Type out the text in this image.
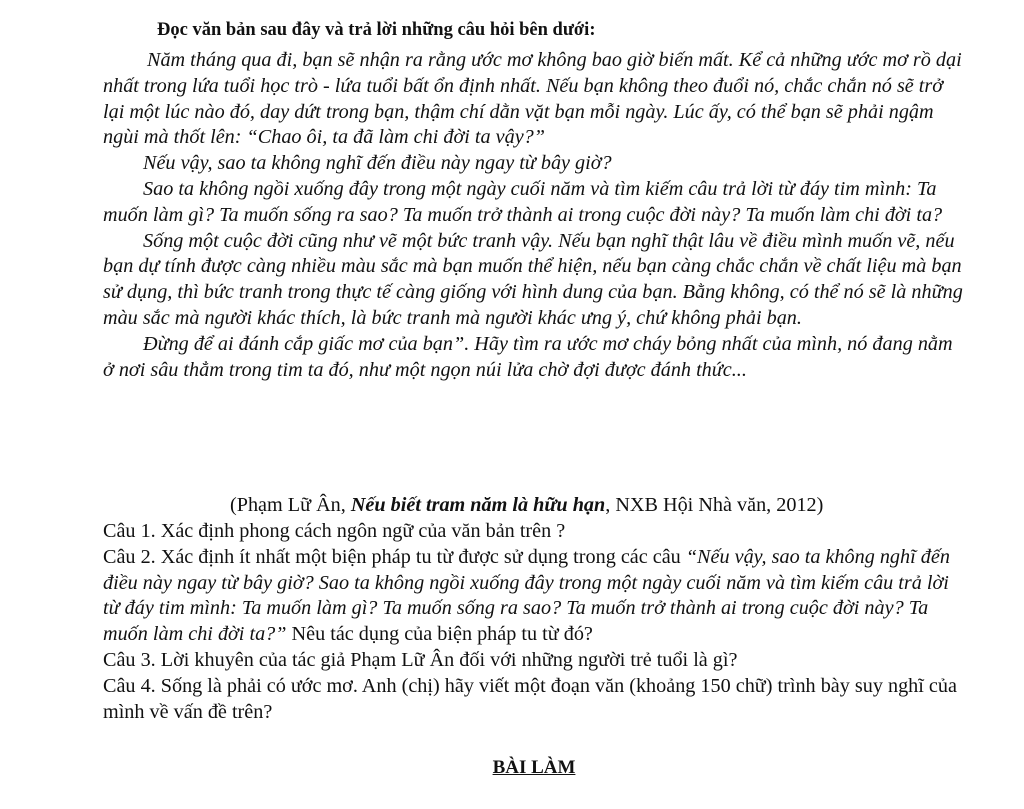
Đọc văn bản sau đây và trả lời những câu hỏi bên dưới:

Năm tháng qua đi, bạn sẽ nhận ra rằng ước mơ không bao giờ biến mất. Kể cả những ước mơ rồ dại nhất trong lứa tuổi học trò - lứa tuổi bất ổn định nhất. Nếu bạn không theo đuổi nó, chắc chắn nó sẽ trở lại một lúc nào đó, day dứt trong bạn, thậm chí dằn vặt bạn mỗi ngày. Lúc ấy, có thể bạn sẽ phải ngậm ngùi mà thốt lên: “Chao ôi, ta đã làm chi đời ta vậy?”

Nếu vậy, sao ta không nghĩ đến điều này ngay từ bây giờ?

Sao ta không ngồi xuống đây trong một ngày cuối năm và tìm kiếm câu trả lời từ đáy tim mình: Ta muốn làm gì? Ta muốn sống ra sao? Ta muốn trở thành ai trong cuộc đời này? Ta muốn làm chi đời ta?

Sống một cuộc đời cũng như vẽ một bức tranh vậy. Nếu bạn nghĩ thật lâu về điều mình muốn vẽ, nếu bạn dự tính được càng nhiều màu sắc mà bạn muốn thể hiện, nếu bạn càng chắc chắn về chất liệu mà bạn sử dụng, thì bức tranh trong thực tế càng giống với hình dung của bạn. Bằng không, có thể nó sẽ là những màu sắc mà người khác thích, là bức tranh mà người khác ưng ý, chứ không phải bạn.

Đừng để ai đánh cắp giấc mơ của bạn”. Hãy tìm ra ước mơ cháy bỏng nhất của mình, nó đang nằm ở nơi sâu thẳm trong tim ta đó, như một ngọn núi lửa chờ đợi được đánh thức...

(Phạm Lữ Ân, Nếu biết tram năm là hữu hạn, NXB Hội Nhà văn, 2012)

Câu 1. Xác định phong cách ngôn ngữ của văn bản trên ?

Câu 2. Xác định ít nhất một biện pháp tu từ được sử dụng trong các câu “Nếu vậy, sao ta không nghĩ đến điều này ngay từ bây giờ? Sao ta không ngồi xuống đây trong một ngày cuối năm và tìm kiếm câu trả lời từ đáy tim mình: Ta muốn làm gì? Ta muốn sống ra sao? Ta muốn trở thành ai trong cuộc đời này? Ta muốn làm chi đời ta?” Nêu tác dụng của biện pháp tu từ đó?

Câu 3. Lời khuyên của tác giả Phạm Lữ Ân đối với những người trẻ tuổi là gì?

Câu 4. Sống là phải có ước mơ. Anh (chị) hãy viết một đoạn văn (khoảng 150 chữ) trình bày suy nghĩ của mình về vấn đề trên?

BÀI LÀM
